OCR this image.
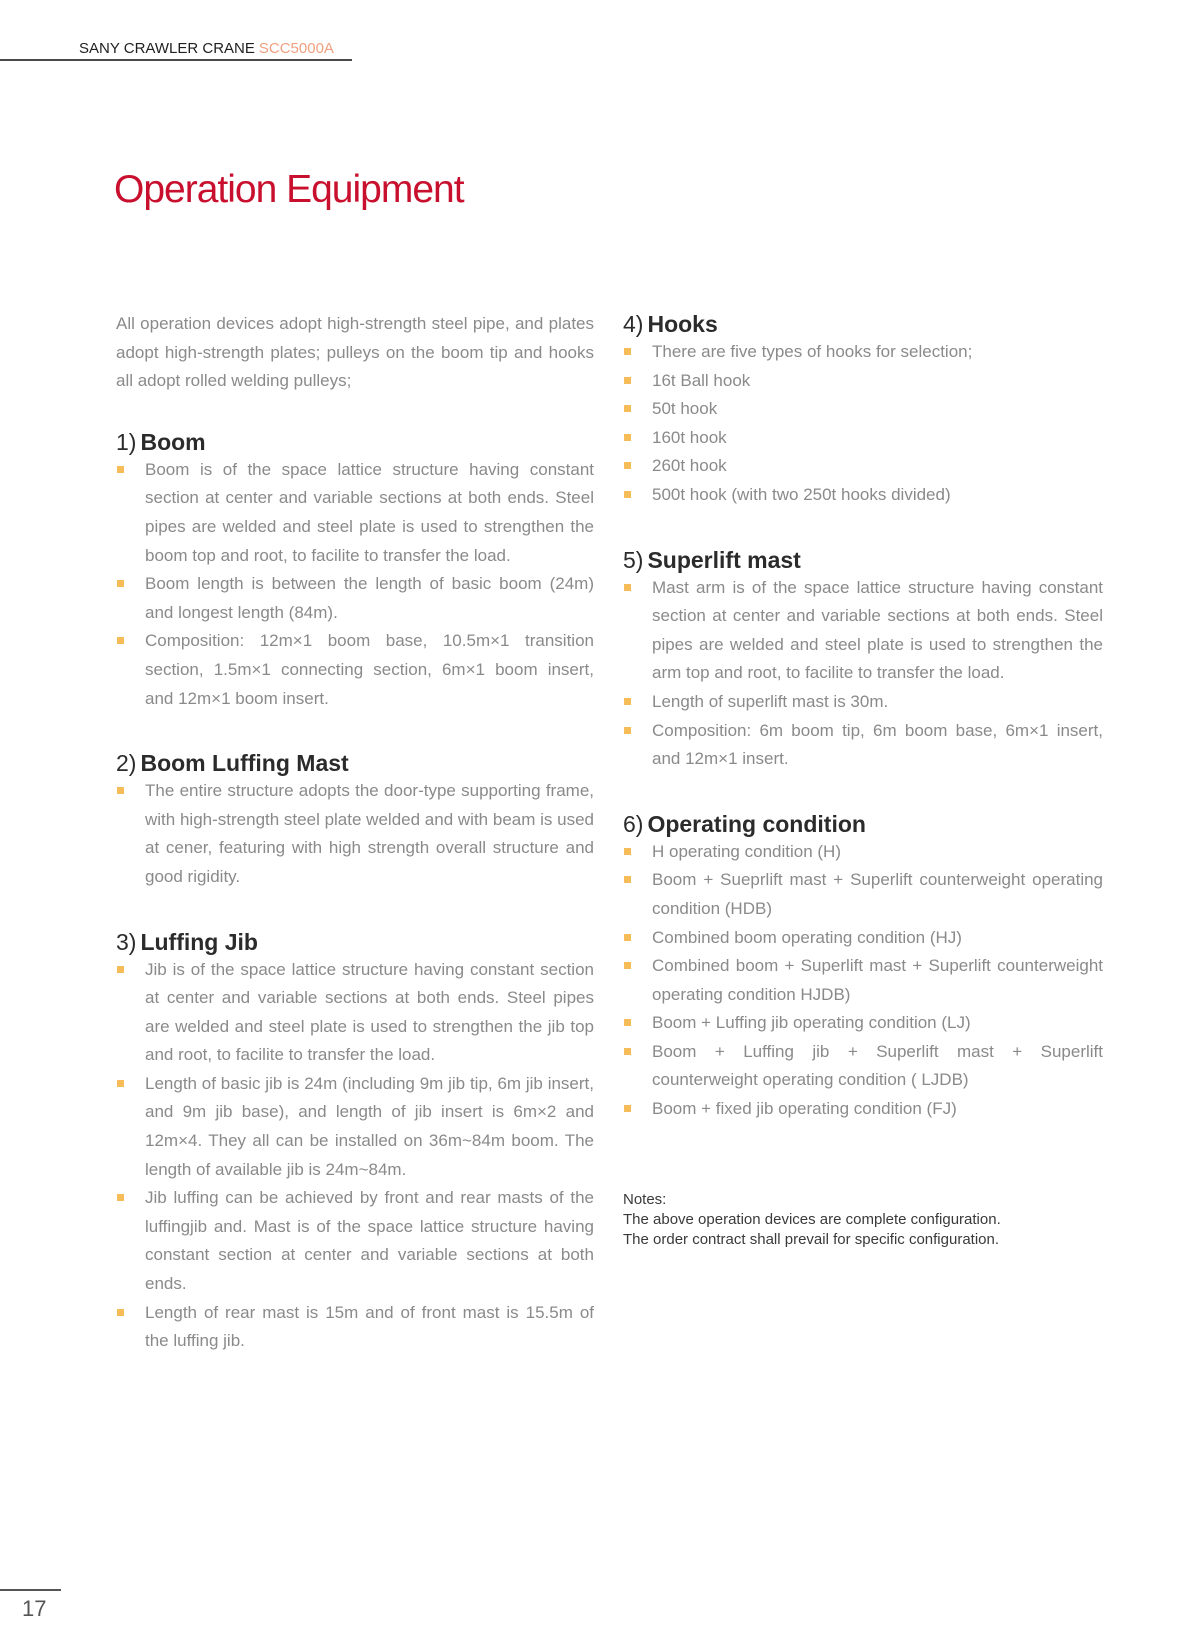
SANY CRAWLER CRANE SCC5000A
Operation Equipment

All operation devices adopt high-strength steel pipe, and plates adopt high-strength plates; pulleys on the boom tip and hooks all adopt rolled welding pulleys;

1) Boom
Boom is of the space lattice structure having constant section at center and variable sections at both ends. Steel pipes are welded and steel plate is used to strengthen the boom top and root, to facilite to transfer the load.
Boom length is between the length of basic boom (24m) and longest length (84m).
Composition: 12m×1 boom base, 10.5m×1 transition section, 1.5m×1 connecting section, 6m×1 boom insert, and 12m×1 boom insert.
2) Boom Luffing Mast
The entire structure adopts the door-type supporting frame, with high-strength steel plate welded and with beam is used at cener, featuring with high strength overall structure and good rigidity.
3) Luffing Jib
Jib is of the space lattice structure having constant section at center and variable sections at both ends. Steel pipes are welded and steel plate is used to strengthen the jib top and root, to facilite to transfer the load.
Length of basic jib is 24m (including 9m jib tip, 6m jib insert, and 9m jib base), and length of jib insert is 6m×2 and 12m×4. They all can be installed on 36m~84m boom. The length of available jib is 24m~84m.
Jib luffing can be achieved by front and rear masts of the luffingjib and. Mast is of the space lattice structure having constant section at center and variable sections at both ends.
Length of rear mast is 15m and of front mast is 15.5m of the luffing jib.
4) Hooks
There are five types of hooks for selection;
16t Ball hook
50t hook
160t hook
260t hook
500t hook (with two 250t hooks divided)
5) Superlift mast
Mast arm is of the space lattice structure having constant section at center and variable sections at both ends. Steel pipes are welded and steel plate is used to strengthen the arm top and root, to facilite to transfer the load.
Length of superlift mast is 30m.
Composition: 6m boom tip, 6m boom base, 6m×1 insert, and 12m×1 insert.
6) Operating condition
H operating condition (H)
Boom + Sueprlift mast + Superlift counterweight operating condition (HDB)
Combined boom operating condition (HJ)
Combined boom + Superlift mast + Superlift counterweight operating condition HJDB)
Boom + Luffing jib operating condition (LJ)
Boom + Luffing jib + Superlift mast + Superlift counterweight operating condition ( LJDB)
Boom + fixed jib operating condition (FJ)
Notes:
The above operation devices are complete configuration.
The order contract shall prevail for specific configuration.
17
